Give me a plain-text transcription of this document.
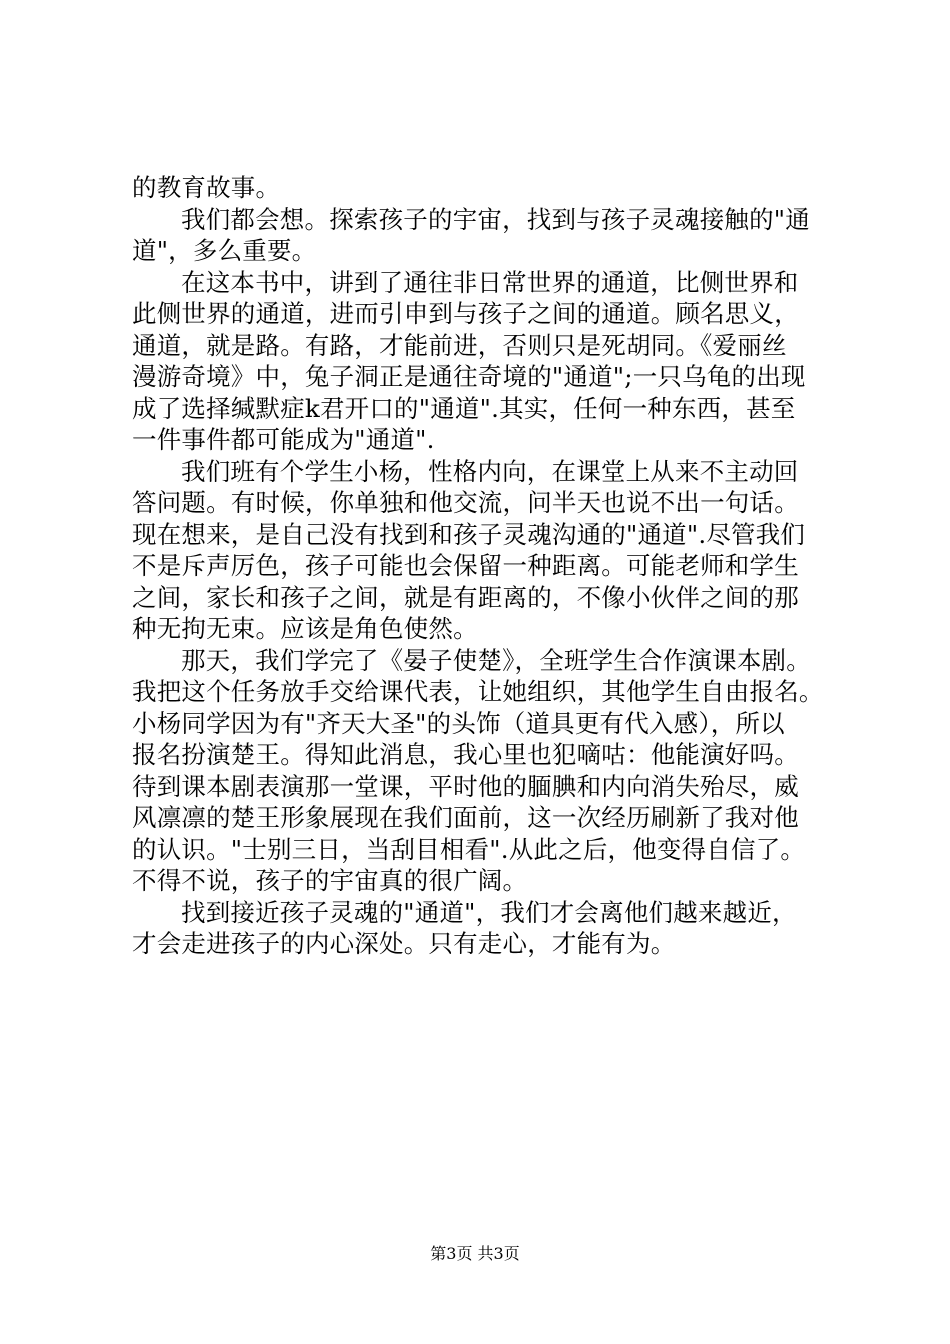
的教育故事。
我们都会想。探索孩子的宇宙，找到与孩子灵魂接触的"通
道"，多么重要。
在这本书中，讲到了通往非日常世界的通道，比侧世界和
此侧世界的通道，进而引申到与孩子之间的通道。顾名思义，
通道，就是路。有路，才能前进，否则只是死胡同。《爱丽丝
漫游奇境》中，兔子洞正是通往奇境的"通道";一只乌龟的出现
成了选择缄默症k君开口的"通道".其实，任何一种东西，甚至
一件事件都可能成为"通道".
我们班有个学生小杨，性格内向，在课堂上从来不主动回
答问题。有时候，你单独和他交流，问半天也说不出一句话。
现在想来，是自己没有找到和孩子灵魂沟通的"通道".尽管我们
不是斥声厉色，孩子可能也会保留一种距离。可能老师和学生
之间，家长和孩子之间，就是有距离的，不像小伙伴之间的那
种无拘无束。应该是角色使然。
那天，我们学完了《晏子使楚》，全班学生合作演课本剧。
我把这个任务放手交给课代表，让她组织，其他学生自由报名。
小杨同学因为有"齐天大圣"的头饰（道具更有代入感），所以
报名扮演楚王。得知此消息，我心里也犯嘀咕：他能演好吗。
待到课本剧表演那一堂课，平时他的腼腆和内向消失殆尽，威
风凛凛的楚王形象展现在我们面前，这一次经历刷新了我对他
的认识。"士别三日，当刮目相看".从此之后，他变得自信了。
不得不说，孩子的宇宙真的很广阔。
找到接近孩子灵魂的"通道"，我们才会离他们越来越近，
才会走进孩子的内心深处。只有走心，才能有为。
第3页 共3页
